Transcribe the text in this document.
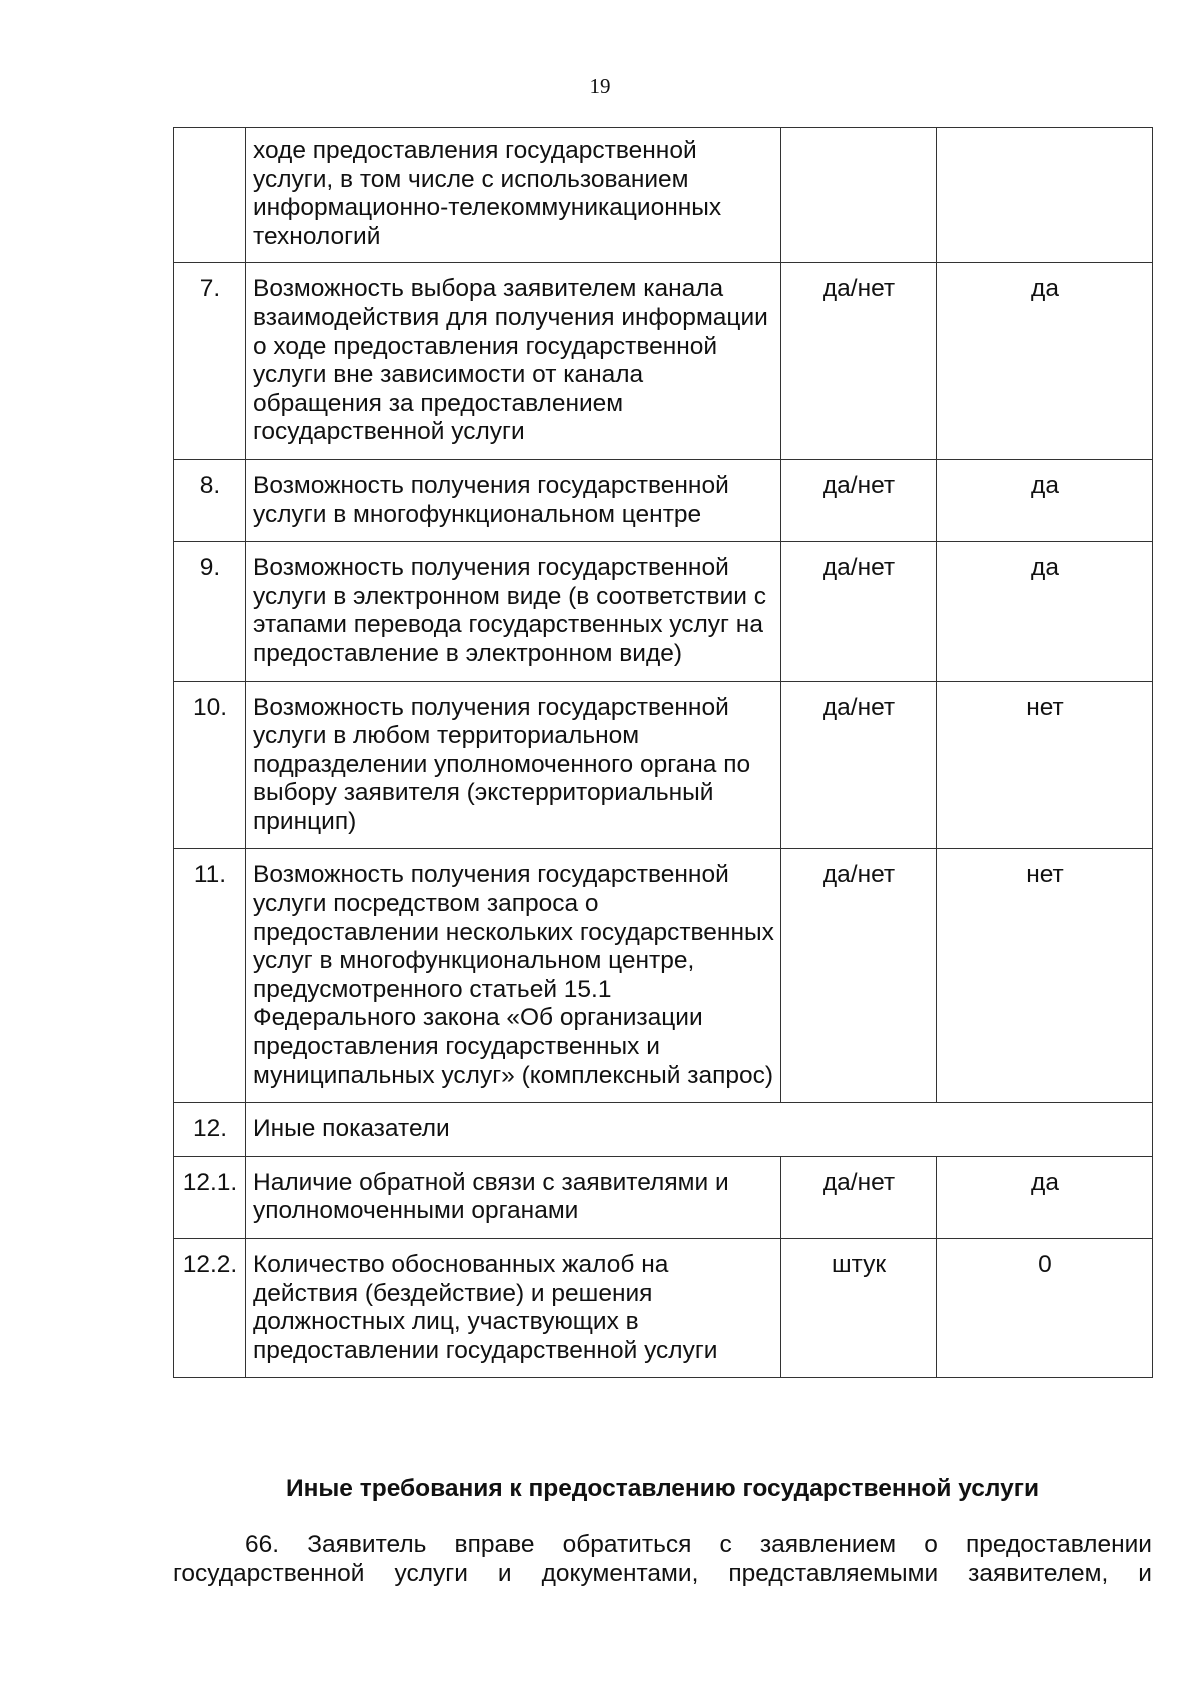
19
	ходе предоставления государственной услуги, в том числе с использованием информационно-телекоммуникационных технологий		
7.	Возможность выбора заявителем канала взаимодействия для получения информации о ходе предоставления государственной услуги вне зависимости от канала обращения за предоставлением государственной услуги	да/нет	да
8.	Возможность получения государственной услуги в многофункциональном центре	да/нет	да
9.	Возможность получения государственной услуги в электронном виде (в соответствии с этапами перевода государственных услуг на предоставление в электронном виде)	да/нет	да
10.	Возможность получения государственной услуги в любом территориальном подразделении уполномоченного органа по выбору заявителя (экстерриториальный принцип)	да/нет	нет
11.	Возможность получения государственной услуги посредством запроса о предоставлении нескольких государственных услуг в многофункциональном центре, предусмотренного статьей 15.1 Федерального закона «Об организации предоставления государственных и муниципальных услуг» (комплексный запрос)	да/нет	нет
12.	Иные показатели		
12.1.	Наличие обратной связи с заявителями и уполномоченными органами	да/нет	да
12.2.	Количество обоснованных жалоб на действия (бездействие) и решения должностных лиц, участвующих в предоставлении государственной услуги	штук	0
Иные требования к предоставлению государственной услуги
66. Заявитель вправе обратиться с заявлением о предоставлении государственной услуги и документами, представляемыми заявителем, и
